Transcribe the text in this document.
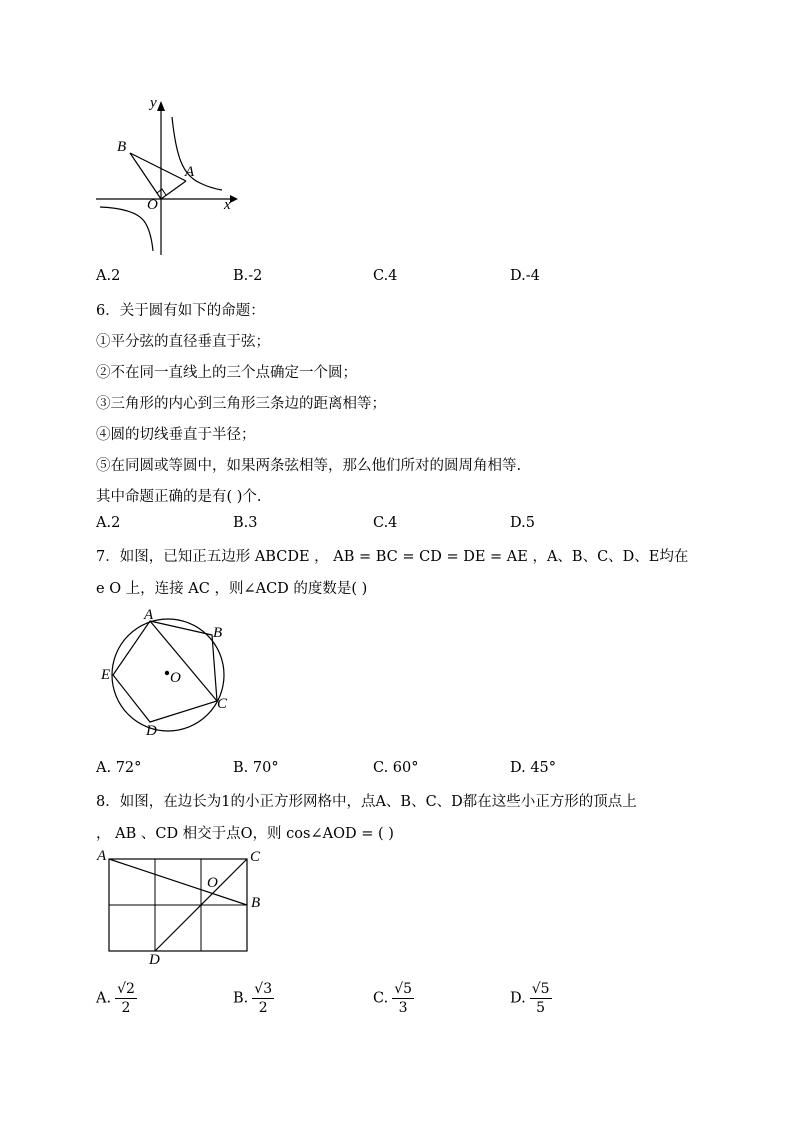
y
x
B
A
O
A.2	B.-2	C.4	D.-4
6．关于圆有如下的命题：
①平分弦的直径垂直于弦；
②不在同一直线上的三个点确定一个圆；
③三角形的内心到三角形三条边的距离相等；
④圆的切线垂直于半径；
⑤在同圆或等圆中，如果两条弦相等，那么他们所对的圆周角相等.
其中命题正确的是有( )个.
A.2	B.3	C.4	D.5
7．如图，已知正五边形 ABCDE ， AB = BC = CD = DE = AE ，A、B、C、D、E均在
e O 上，连接 AC ，则∠ACD 的度数是( )
A
B
C
D
E	O
A. 72°	B. 70°	C. 60°	D. 45°
8．如图，在边长为1的小正方形网格中，点A、B、C、D都在这些小正方形的顶点上
， AB 、CD 相交于点O，则 cos∠AOD = ( )
A	C
B
D
O
A. $\frac{√2}{2}$	B. $\frac{√3}{2}$	C. $\frac{√5}{3}$	D. $\frac{√5}{5}$
